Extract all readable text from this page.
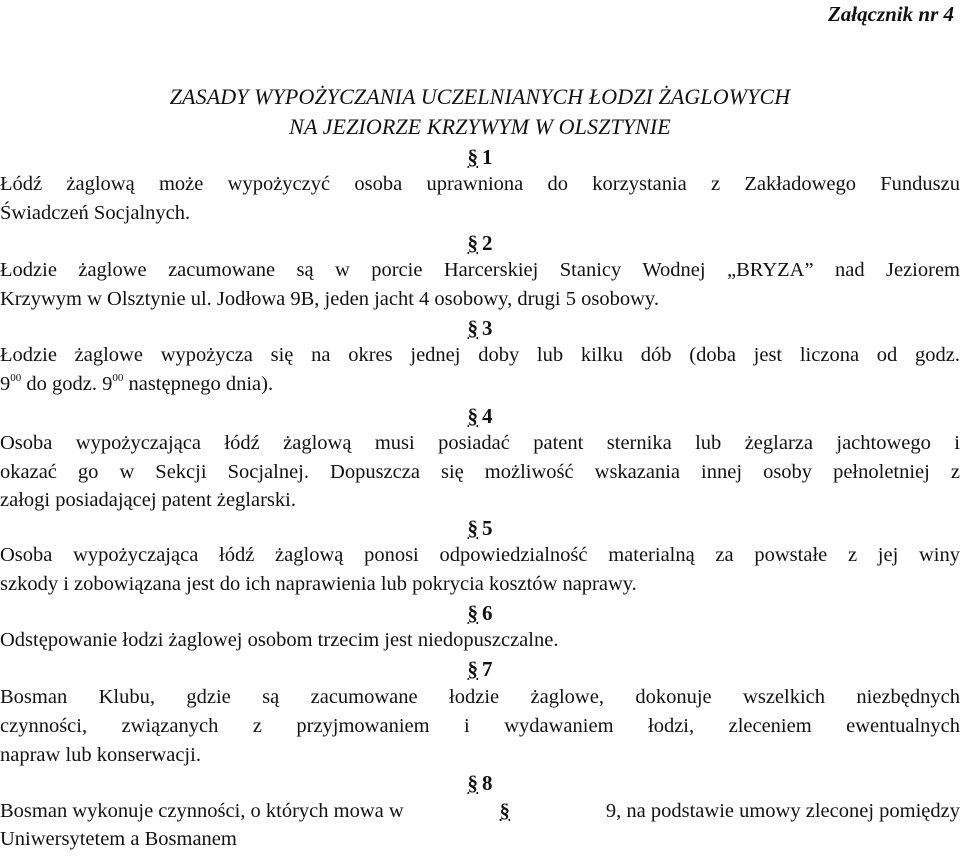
Załącznik nr 4
ZASADY WYPOŻYCZANIA UCZELNIANYCH ŁODZI ŻAGLOWYCH
NA JEZIORZE KRZYWYM W OLSZTYNIE
§ 1
Łódź żaglową może wypożyczyć osoba uprawniona do korzystania z Zakładowego Funduszu
Świadczeń Socjalnych.
§ 2
Łodzie żaglowe zacumowane są w porcie Harcerskiej Stanicy Wodnej „BRYZA” nad Jeziorem
Krzywym w Olsztynie ul. Jodłowa 9B, jeden jacht 4 osobowy, drugi 5 osobowy.
§ 3
Łodzie żaglowe wypożycza się na okres jednej doby lub kilku dób (doba jest liczona od godz.
$9^{00}$ do godz. $9^{00}$ następnego dnia).
§ 4
Osoba wypożyczająca łódź żaglową musi posiadać patent sternika lub żeglarza jachtowego i
okazać go w Sekcji Socjalnej. Dopuszcza się możliwość wskazania innej osoby pełnoletniej z
załogi posiadającej patent żeglarski.
§ 5
Osoba wypożyczająca łódź żaglową ponosi odpowiedzialność materialną za powstałe z jej winy
szkody i zobowiązana jest do ich naprawienia lub pokrycia kosztów naprawy.
§ 6
Odstępowanie łodzi żaglowej osobom trzecim jest niedopuszczalne.
§ 7
Bosman Klubu, gdzie są zacumowane łodzie żaglowe, dokonuje wszelkich niezbędnych
czynności, związanych z przyjmowaniem i wydawaniem łodzi, zleceniem ewentualnych
napraw lub konserwacji.
§ 8
Bosman wykonuje czynności, o których mowa w	§	9, na podstawie umowy zleconej pomiędzy
Uniwersytetem a Bosmanem
